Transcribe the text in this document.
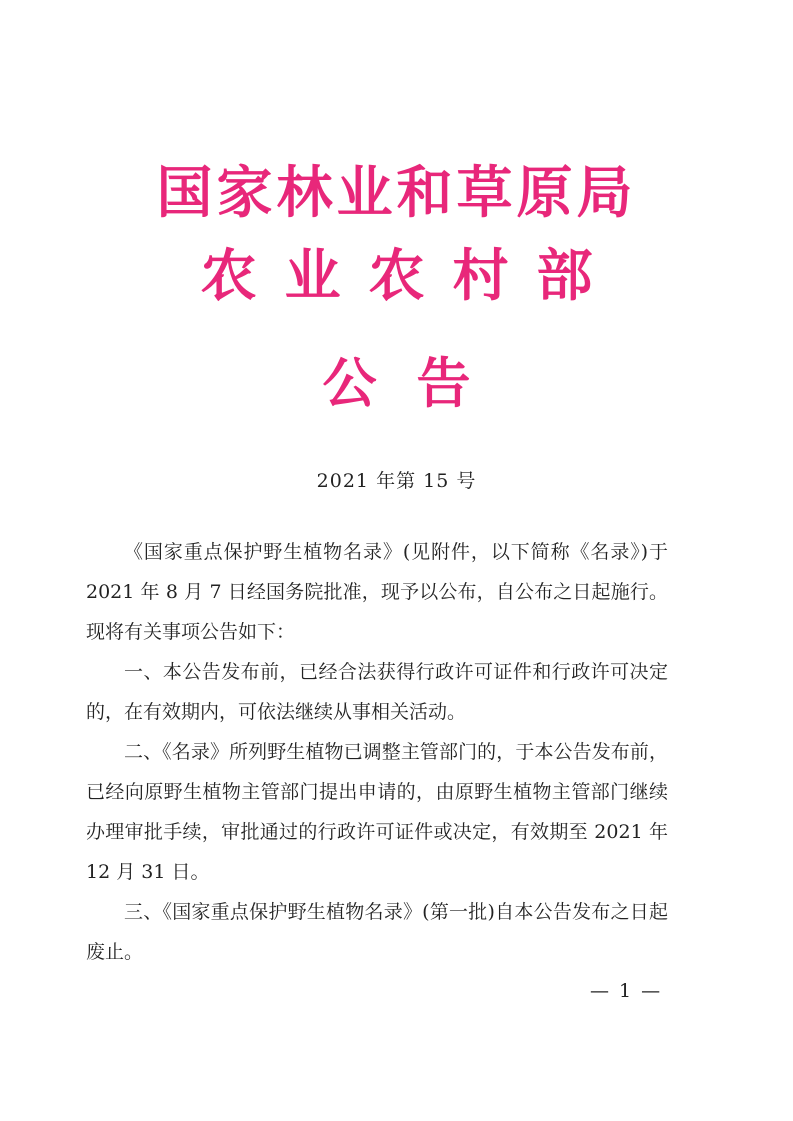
国家林业和草原局
农业农村部
公告
2021 年第 15 号

《国家重点保护野生植物名录》(见附件，以下简称《名录》)于 2021 年 8 月 7 日经国务院批准，现予以公布，自公布之日起施行。现将有关事项公告如下：

一、本公告发布前，已经合法获得行政许可证件和行政许可决定的，在有效期内，可依法继续从事相关活动。

二、《名录》所列野生植物已调整主管部门的，于本公告发布前，已经向原野生植物主管部门提出申请的，由原野生植物主管部门继续办理审批手续，审批通过的行政许可证件或决定，有效期至 2021 年 12 月 31 日。

三、《国家重点保护野生植物名录》(第一批)自本公告发布之日起废止。

— 1 —
